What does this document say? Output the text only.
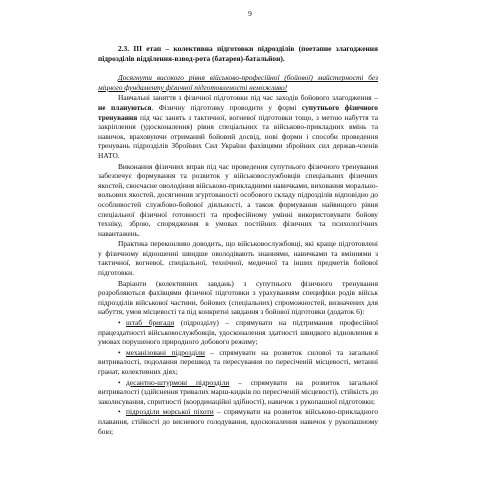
9
2.3. III етап – колективна підготовки підрозділів (поетапне злагодження підрозділів відділення-взвод-рота (батарея)-батальйон).
Досягнути високого рівня військово-професійної (бойової) майстерності без міцного фундаменту фізичної підготовленості неможливо!

Навчальні заняття з фізичної підготовки під час заходів бойового злагодження – не плануються. Фізичну підготовку проводити у формі супутнього фізичного тренування під час занять з тактичної, вогневої підготовки тощо, з метою набуття та закріплення (удосконалення) рівня спеціальних та військово-прикладних вмінь та навичок, враховуючи отриманий бойовий досвід, нові форми і способи проведення тренувань підрозділів Збройних Сил України фахівцями збройних сил держав-членів НАТО.

Виконання фізичних вправ під час проведення супутнього фізичного тренування забезпечує формування та розвиток у військовослужбовців спеціальних фізичних якостей, своєчасне оволодіння військово-прикладними навичками, виховання морально-вольових якостей, досягнення згуртованості особового складу підрозділів відповідно до особливостей службово-бойової діяльності, а також формування найвищого рівня спеціальної фізичної готовності та професійному умінні використовувати бойову техніку, зброю, спорядження в умовах постійних фізичних та психологічних навантажень.

Практика переконливо доводить, що військовослужбовці, які краще підготовлені у фізичному відношенні швидше оволодівають знаннями, навичками та вміннями з тактичної, вогневої, спеціальної, технічної, медичної та інших предметів бойової підготовки.

Варіанти (колективних завдань) з супутнього фізичного тренування розробляються фахівцями фізичної підготовки з урахуванням специфіки родів військ підрозділів військової частини, бойових (спеціальних) спроможностей, визначених для набуття, умов місцевості та під конкретні завдання з бойової підготовки (додаток 6):

• штаб бригади (підрозділу) – спрямувати на підтримання професійної працездатності військовослужбовців, удосконалення здатності швидкого відновлення в умовах порушеного природного добового режиму;
• механізовані підрозділи – спрямувати на розвиток силової та загальної витривалості, подолання перешкод та пересування по пересіченій місцевості, метанні гранат, колективних діях;
• десантно-штурмові підрозділи – спрямувати на розвиток загальної витривалості (здійснення тривалих марш-кидків по пересіченій місцевості), стійкість до заколисування, спритності (координаційні здібності), навичок з рукопашної підготовки;
• підрозділи морської піхоти – спрямувати на розвиток військово-прикладного плавання, стійкості до висневого голодування, вдосконалення навичок у рукопашному бою;
